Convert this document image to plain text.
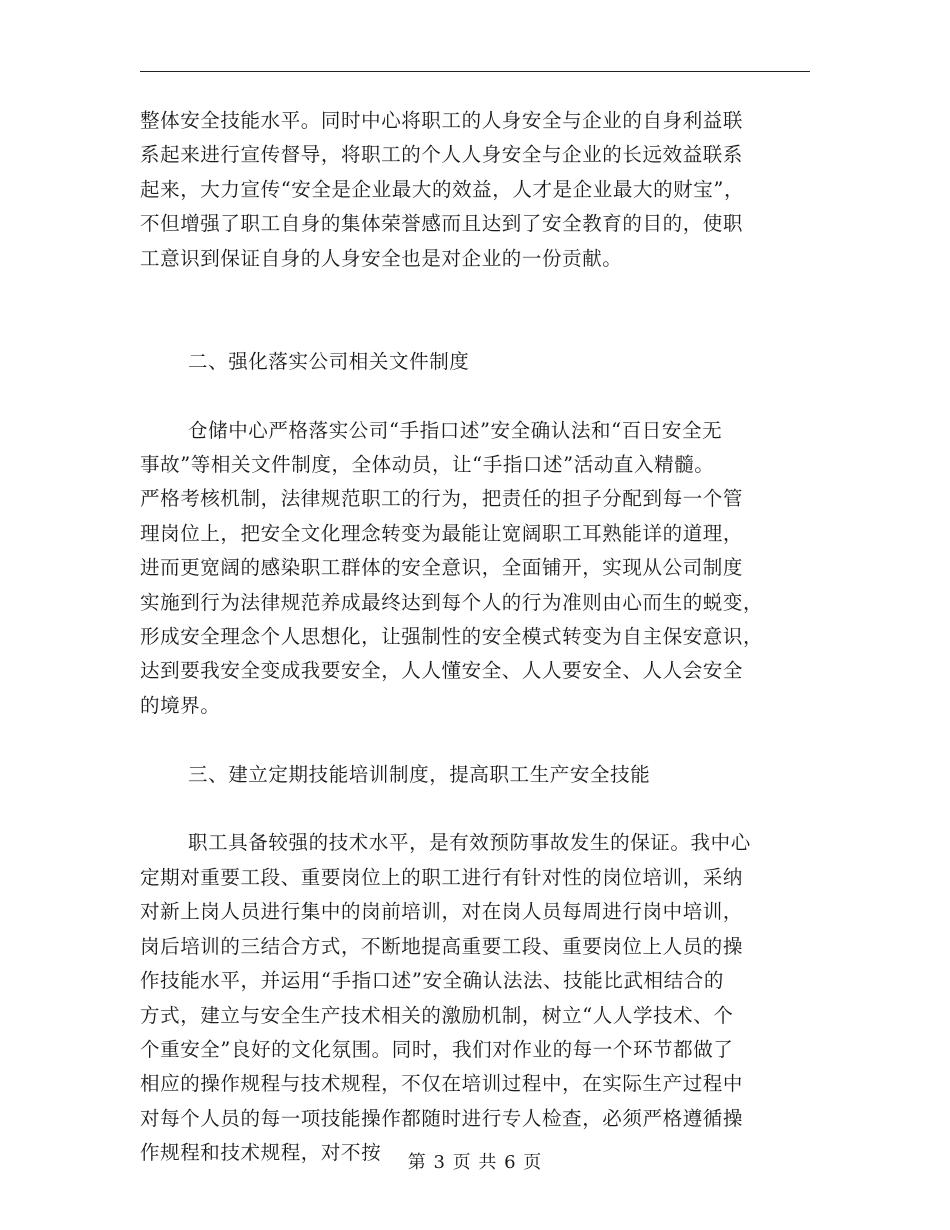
整体安全技能水平。同时中心将职工的人身安全与企业的自身利益联
系起来进行宣传督导，将职工的个人人身安全与企业的长远效益联系
起来，大力宣传“安全是企业最大的效益，人才是企业最大的财宝”，
不但增强了职工自身的集体荣誉感而且达到了安全教育的目的，使职
工意识到保证自身的人身安全也是对企业的一份贡献。
二、强化落实公司相关文件制度
仓储中心严格落实公司“手指口述”安全确认法和“百日安全无
事故”等相关文件制度，全体动员，让“手指口述”活动直入精髓。
严格考核机制，法律规范职工的行为，把责任的担子分配到每一个管
理岗位上，把安全文化理念转变为最能让宽阔职工耳熟能详的道理，
进而更宽阔的感染职工群体的安全意识，全面铺开，实现从公司制度
实施到行为法律规范养成最终达到每个人的行为准则由心而生的蜕变，
形成安全理念个人思想化，让强制性的安全模式转变为自主保安意识，
达到要我安全变成我要安全，人人懂安全、人人要安全、人人会安全
的境界。
三、建立定期技能培训制度，提高职工生产安全技能
职工具备较强的技术水平，是有效预防事故发生的保证。我中心
定期对重要工段、重要岗位上的职工进行有针对性的岗位培训，采纳
对新上岗人员进行集中的岗前培训，对在岗人员每周进行岗中培训，
岗后培训的三结合方式，不断地提高重要工段、重要岗位上人员的操
作技能水平，并运用“手指口述”安全确认法法、技能比武相结合的
方式，建立与安全生产技术相关的激励机制，树立“人人学技术、个
个重安全”良好的文化氛围。同时，我们对作业的每一个环节都做了
相应的操作规程与技术规程，不仅在培训过程中，在实际生产过程中
对每个人员的每一项技能操作都随时进行专人检查，必须严格遵循操
作规程和技术规程，对不按	第 3 页 共 6 页
